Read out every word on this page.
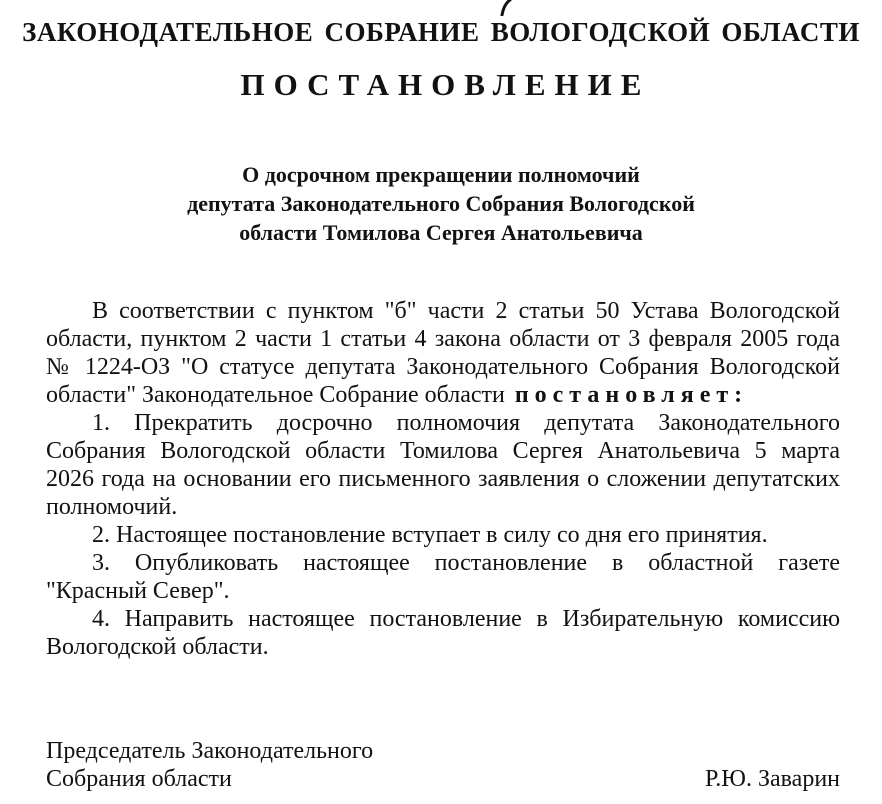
ЗАКОНОДАТЕЛЬНОЕ СОБРАНИЕ ВОЛОГОДСКОЙ ОБЛАСТИ
ПОСТАНОВЛЕНИЕ
О досрочном прекращении полномочий
депутата Законодательного Собрания Вологодской
области Томилова Сергея Анатольевича
В соответствии с пунктом "б" части 2 статьи 50 Устава Вологодской
области, пунктом 2 части 1 статьи 4 закона области от 3 февраля 2005 года
№ 1224-ОЗ "О статусе депутата Законодательного Собрания Вологодской
области" Законодательное Собрание области постановляет:
1. Прекратить досрочно полномочия депутата Законодательного
Собрания Вологодской области Томилова Сергея Анатольевича 5 марта
2026 года на основании его письменного заявления о сложении депутатских
полномочий.
2. Настоящее постановление вступает в силу со дня его принятия.
3. Опубликовать настоящее постановление в областной газете
"Красный Север".
4. Направить настоящее постановление в Избирательную комиссию
Вологодской области.
Председатель Законодательного
Собрания области	Р.Ю. Заварин
